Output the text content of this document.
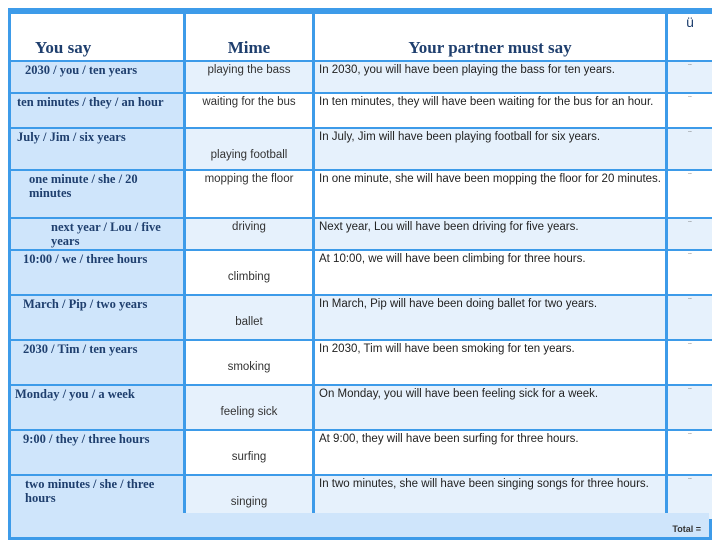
You say	Mime	Your partner must say	ü
2030 / you / ten years	playing the bass	In 2030, you will have been playing the bass for ten years.	¨
ten minutes / they / an hour	waiting for the bus	In ten minutes, they will have been waiting for the bus for an hour.	¨
July / Jim / six years	playing football	In July, Jim will have been playing football for six years.	¨
one minute / she / 20 minutes	mopping the floor	In one minute, she will have been mopping the floor for 20 minutes.	¨
next year / Lou / five years	driving	Next year, Lou will have been driving for five years.	¨
10:00 / we / three hours	climbing	At 10:00, we will have been climbing for three hours.	¨
March / Pip / two years	ballet	In March, Pip will have been doing ballet for two years.	¨
2030 / Tim / ten years	smoking	In 2030, Tim will have been smoking for ten years.	¨
Monday / you / a week	feeling sick	On Monday, you will have been feeling sick for a week.	¨
9:00 / they / three hours	surfing	At 9:00, they will have been surfing for three hours.	¨
two minutes / she / three hours	singing	In two minutes, she will have been singing songs for three hours.	¨
Total =
